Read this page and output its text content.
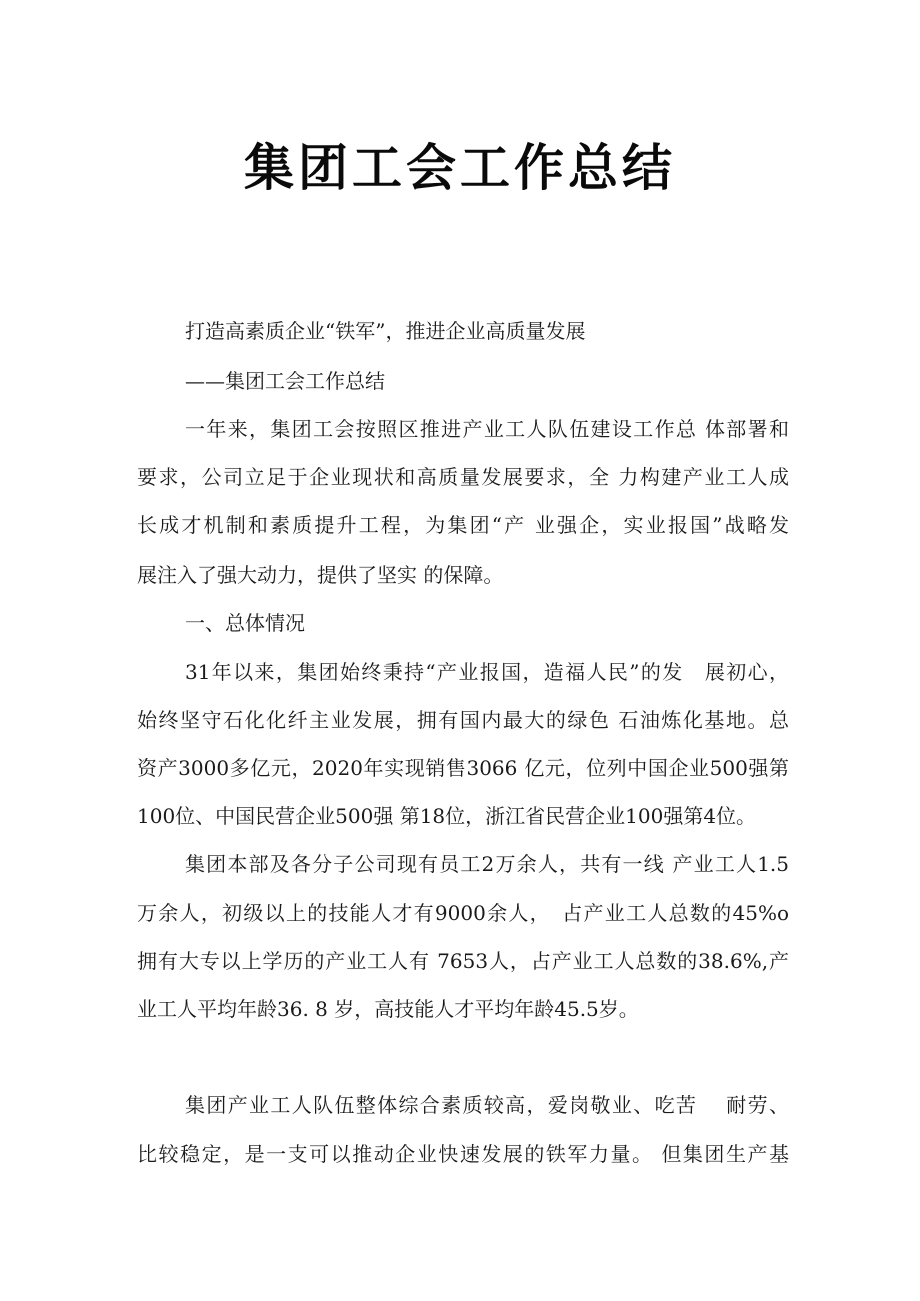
集团工会工作总结

打造高素质企业“铁军”，推进企业高质量发展

——集团工会工作总结

一年来，集团工会按照区推进产业工人队伍建设工作总 体部署和

要求，公司立足于企业现状和高质量发展要求，全 力构建产业工人成

长成才机制和素质提升工程，为集团“产 业强企，实业报国”战略发

展注入了强大动力，提供了坚实 的保障。

一、总体情况

31年以来，集团始终秉持“产业报国，造福人民”的发　展初心，

始终坚守石化化纤主业发展，拥有国内最大的绿色 石油炼化基地。总

资产3000多亿元，2020年实现销售3066 亿元，位列中国企业500强第

100位、中国民营企业500强 第18位，浙江省民营企业100强第4位。

集团本部及各分子公司现有员工2万余人，共有一线 产业工人1.5

万余人，初级以上的技能人才有9000余人，　占产业工人总数的45%o

拥有大专以上学历的产业工人有 7653人，占产业工人总数的38.6%,产

业工人平均年龄36. 8 岁，高技能人才平均年龄45.5岁。

集团产业工人队伍整体综合素质较高，爱岗敬业、吃苦　 耐劳、

比较稳定，是一支可以推动企业快速发展的铁军力量。 但集团生产基
